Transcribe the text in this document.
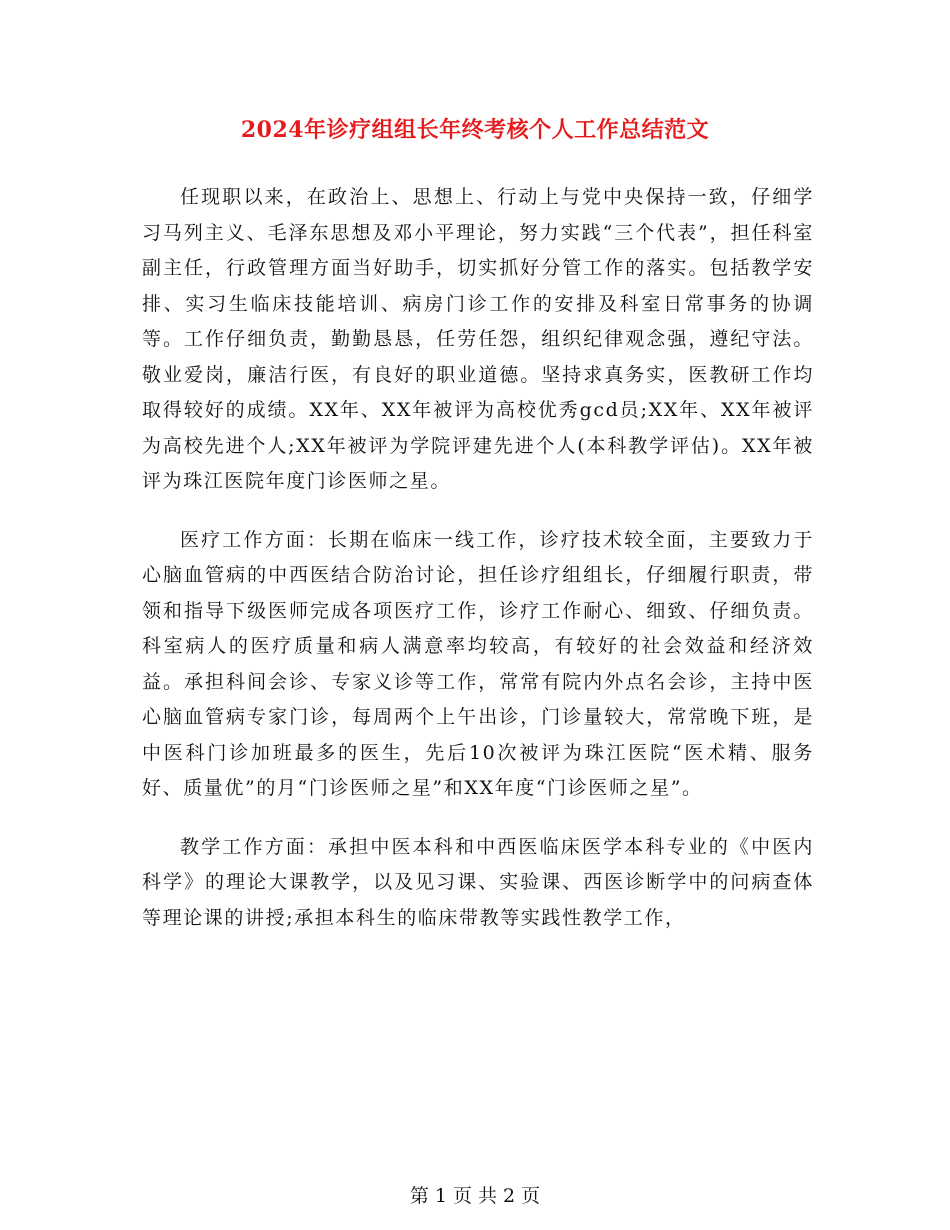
2024年诊疗组组长年终考核个人工作总结范文

任现职以来，在政治上、思想上、行动上与党中央保持一致，仔细学习马列主义、毛泽东思想及邓小平理论，努力实践“三个代表”，担任科室副主任，行政管理方面当好助手，切实抓好分管工作的落实。包括教学安排、实习生临床技能培训、病房门诊工作的安排及科室日常事务的协调等。工作仔细负责，勤勤恳恳，任劳任怨，组织纪律观念强，遵纪守法。敬业爱岗，廉洁行医，有良好的职业道德。坚持求真务实，医教研工作均取得较好的成绩。XX年、XX年被评为高校优秀gcd员;XX年、XX年被评为高校先进个人;XX年被评为学院评建先进个人(本科教学评估)。XX年被评为珠江医院年度门诊医师之星。

医疗工作方面：长期在临床一线工作，诊疗技术较全面，主要致力于心脑血管病的中西医结合防治讨论，担任诊疗组组长，仔细履行职责，带领和指导下级医师完成各项医疗工作，诊疗工作耐心、细致、仔细负责。科室病人的医疗质量和病人满意率均较高，有较好的社会效益和经济效益。承担科间会诊、专家义诊等工作，常常有院内外点名会诊，主持中医心脑血管病专家门诊，每周两个上午出诊，门诊量较大，常常晚下班，是中医科门诊加班最多的医生，先后10次被评为珠江医院“医术精、服务好、质量优”的月“门诊医师之星”和XX年度“门诊医师之星”。

教学工作方面：承担中医本科和中西医临床医学本科专业的《中医内科学》的理论大课教学，以及见习课、实验课、西医诊断学中的问病查体等理论课的讲授;承担本科生的临床带教等实践性教学工作，

第 1 页 共 2 页
